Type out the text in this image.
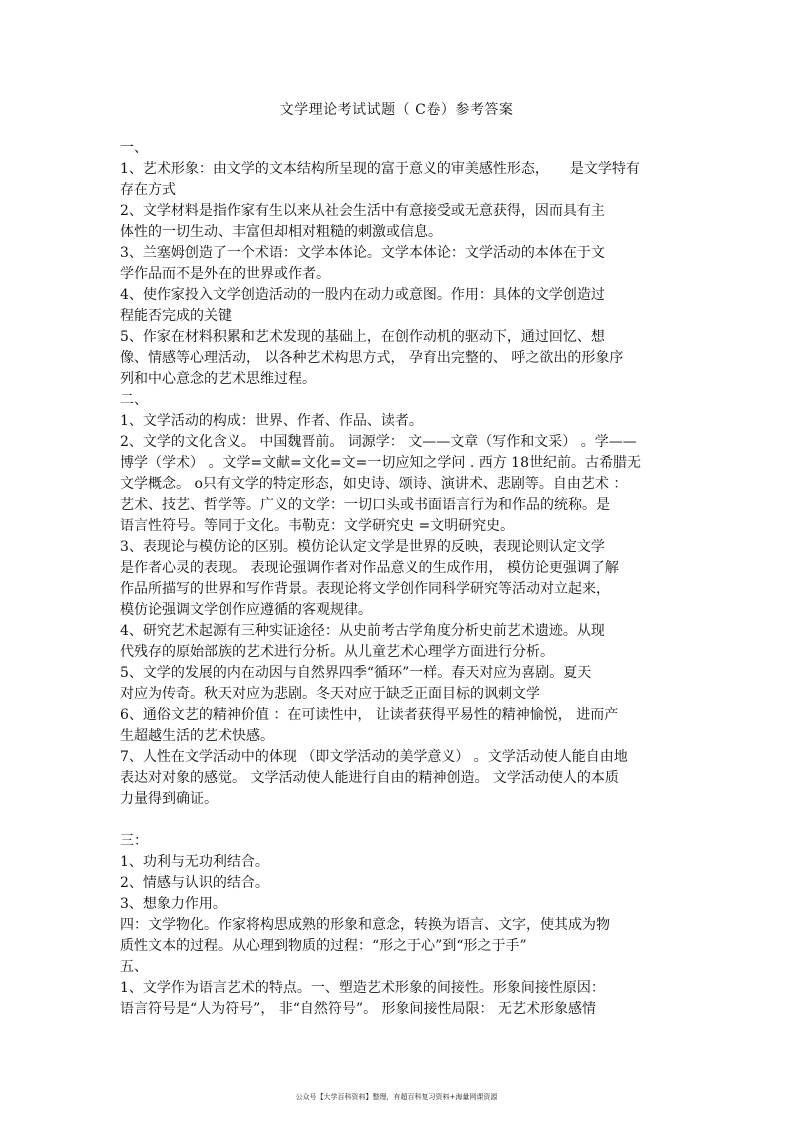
文学理论考试试题（ C卷）参考答案
一、
1、艺术形象：由文学的文本结构所呈现的富于意义的审美感性形态，　　是文学特有
存在方式
2、文学材料是指作家有生以来从社会生活中有意接受或无意获得，因而具有主
体性的一切生动、丰富但却相对粗糙的刺激或信息。
3、兰塞姆创造了一个术语：文学本体论。文学本体论：文学活动的本体在于文
学作品而不是外在的世界或作者。
4、使作家投入文学创造活动的一股内在动力或意图。作用：具体的文学创造过
程能否完成的关键
5、作家在材料积累和艺术发现的基础上，在创作动机的驱动下，通过回忆、想
像、情感等心理活动， 以各种艺术构思方式， 孕育出完整的、 呼之欲出的形象序
列和中心意念的艺术思维过程。
二、
1、文学活动的构成：世界、作者、作品、读者。
2、文学的文化含义。 中国魏晋前。 词源学： 文——文章（写作和文采） 。学——
博学（学术） 。文学=文献=文化=文=一切应知之学问 . 西方 18世纪前。古希腊无
文学概念。 o只有文学的特定形态，如史诗、颂诗、演讲术、悲剧等。自由艺术 ：
艺术、技艺、哲学等。广义的文学：一切口头或书面语言行为和作品的统称。是
语言性符号。等同于文化。韦勒克：文学研究史 =文明研究史。
3、表现论与模仿论的区别。模仿论认定文学是世界的反映，表现论则认定文学
是作者心灵的表现。 表现论强调作者对作品意义的生成作用， 模仿论更强调了解
作品所描写的世界和写作背景。表现论将文学创作同科学研究等活动对立起来，
模仿论强调文学创作应遵循的客观规律。
4、研究艺术起源有三种实证途径：从史前考古学角度分析史前艺术遗迹。从现
代残存的原始部族的艺术进行分析。从儿童艺术心理学方面进行分析。
5、文学的发展的内在动因与自然界四季“循环”一样。春天对应为喜剧。夏天
对应为传奇。秋天对应为悲剧。冬天对应于缺乏正面目标的讽刺文学
6、通俗文艺的精神价值 ：在可读性中， 让读者获得平易性的精神愉悦， 进而产
生超越生活的艺术快感。
7、人性在文学活动中的体现 （即文学活动的美学意义） 。文学活动使人能自由地
表达对对象的感觉。 文学活动使人能进行自由的精神创造。 文学活动使人的本质
力量得到确证。
三：
1、功利与无功利结合。
2、情感与认识的结合。
3、想象力作用。
四：文学物化。作家将构思成熟的形象和意念，转换为语言、文字，使其成为物
质性文本的过程。从心理到物质的过程：“形之于心”到“形之于手”
五、
1、文学作为语言艺术的特点。一、塑造艺术形象的间接性。形象间接性原因：
语言符号是“人为符号”， 非“自然符号”。 形象间接性局限： 无艺术形象感情
公众号【大学百科资料】整理，有超百科复习资料+海量网课资源
